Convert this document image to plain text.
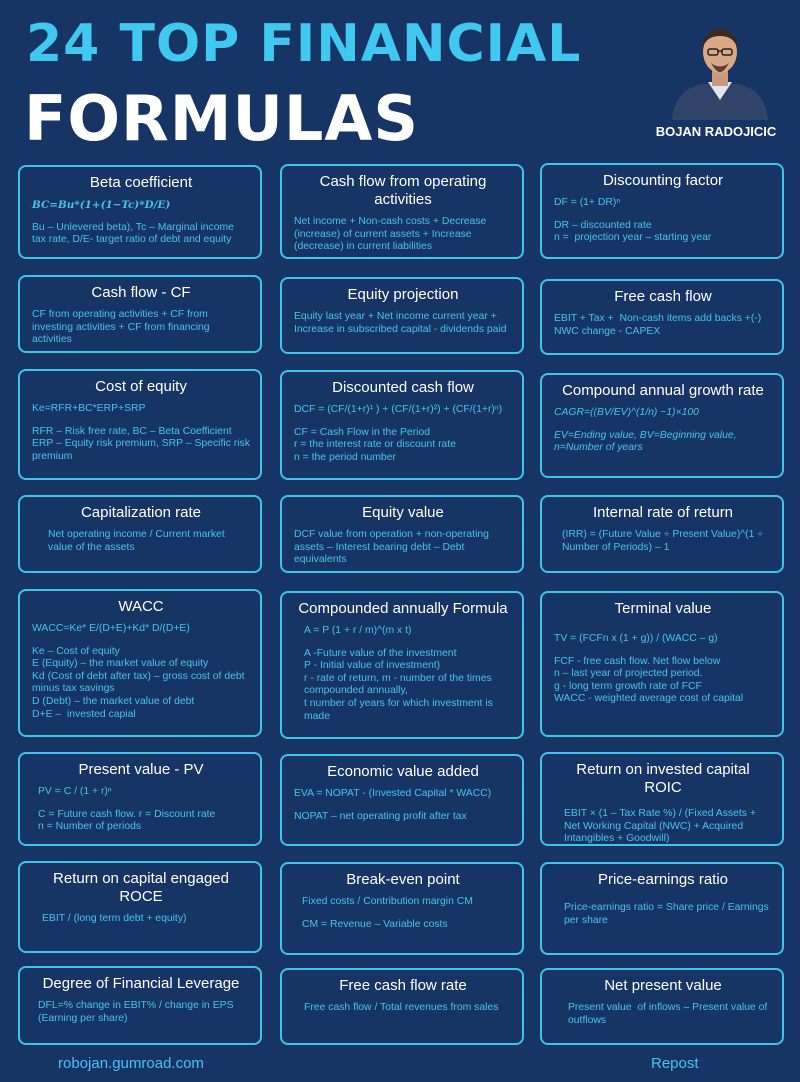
24 TOP FINANCIAL
FORMULAS	BOJAN RADOJICIC
Beta coefficient
BC=Bu*(1+(1−Tc)*D/E)
Bu – Unlevered beta), Tc – Marginal income tax rate, D/E- target ratio of debt and equity
Cash flow from operating activities
Net income + Non-cash costs + Decrease (increase) of current assets + Increase (decrease) in current liabilities
Discounting factor
DF = (1+ DR)ⁿ
DR – discounted rate
n =  projection year – starting year
Cash flow - CF
CF from operating activities + CF from investing activities + CF from financing activities
Equity projection
Equity last year + Net income current year + Increase in subscribed capital - dividends paid
Free cash flow
EBIT + Tax +  Non-cash items add backs +(-) NWC change - CAPEX
Cost of equity
Ke=RFR+BC*ERP+SRP
RFR – Risk free rate, BC – Beta Coefficient ERP – Equity risk premium, SRP – Specific risk premium
Discounted cash flow
DCF = (CF/(1+r)¹ ) + (CF/(1+r)²) + (CF/(1+r)ⁿ)
CF = Cash Flow in the Period
r = the interest rate or discount rate
n = the period number
Compound annual growth rate
CAGR=((BV/EV)^(1/n) −1)×100
EV=Ending value, BV=Beginning value, n=Number of years
Capitalization rate
Net operating income / Current market value of the assets
Equity value
DCF value from operation + non-operating assets – Interest bearing debt – Debt equivalents
Internal rate of return
(IRR) = (Future Value ÷ Present Value)^(1 ÷ Number of Periods) – 1
WACC
WACC=Ke* E/(D+E)+Kd* D/(D+E)
Ke – Cost of equity
E (Equity) – the market value of equity
Kd (Cost of debt after tax) – gross cost of debt minus tax savings
D (Debt) – the market value of debt
D+E –  invested capial
Compounded annually Formula
A = P (1 + r / m)^(m x t)
A -Future value of the investment
P - Initial value of investment)
r - rate of return, m - number of the times compounded annually,
t number of years for which investment is made
Terminal value
TV = (FCFn x (1 + g)) / (WACC – g)
FCF - free cash flow. Net flow below
n – last year of projected period.
g - long term growth rate of FCF
WACC - weighted average cost of capital
Present value - PV
PV = C / (1 + r)ⁿ
C = Future cash flow. r = Discount rate
n = Number of periods
Economic value added
EVA = NOPAT - (Invested Capital * WACC)
NOPAT – net operating profit after tax
Return on invested capital ROIC
EBIT × (1 – Tax Rate %) / (Fixed Assets + Net Working Capital (NWC) + Acquired Intangibles + Goodwill)
Return on capital engaged ROCE
EBIT / (long term debt + equity)
Break-even point
Fixed costs / Contribution margin CM
CM = Revenue – Variable costs
Price-earnings ratio
Price-earnings ratio = Share price / Earnings per share
Degree of Financial Leverage
DFL=% change in EBIT% / change in EPS (Earning per share)
Free cash flow rate
Free cash flow / Total revenues from sales
Net present value
Present value  of inflows – Present value of outflows
robojan.gumroad.com	Repost
